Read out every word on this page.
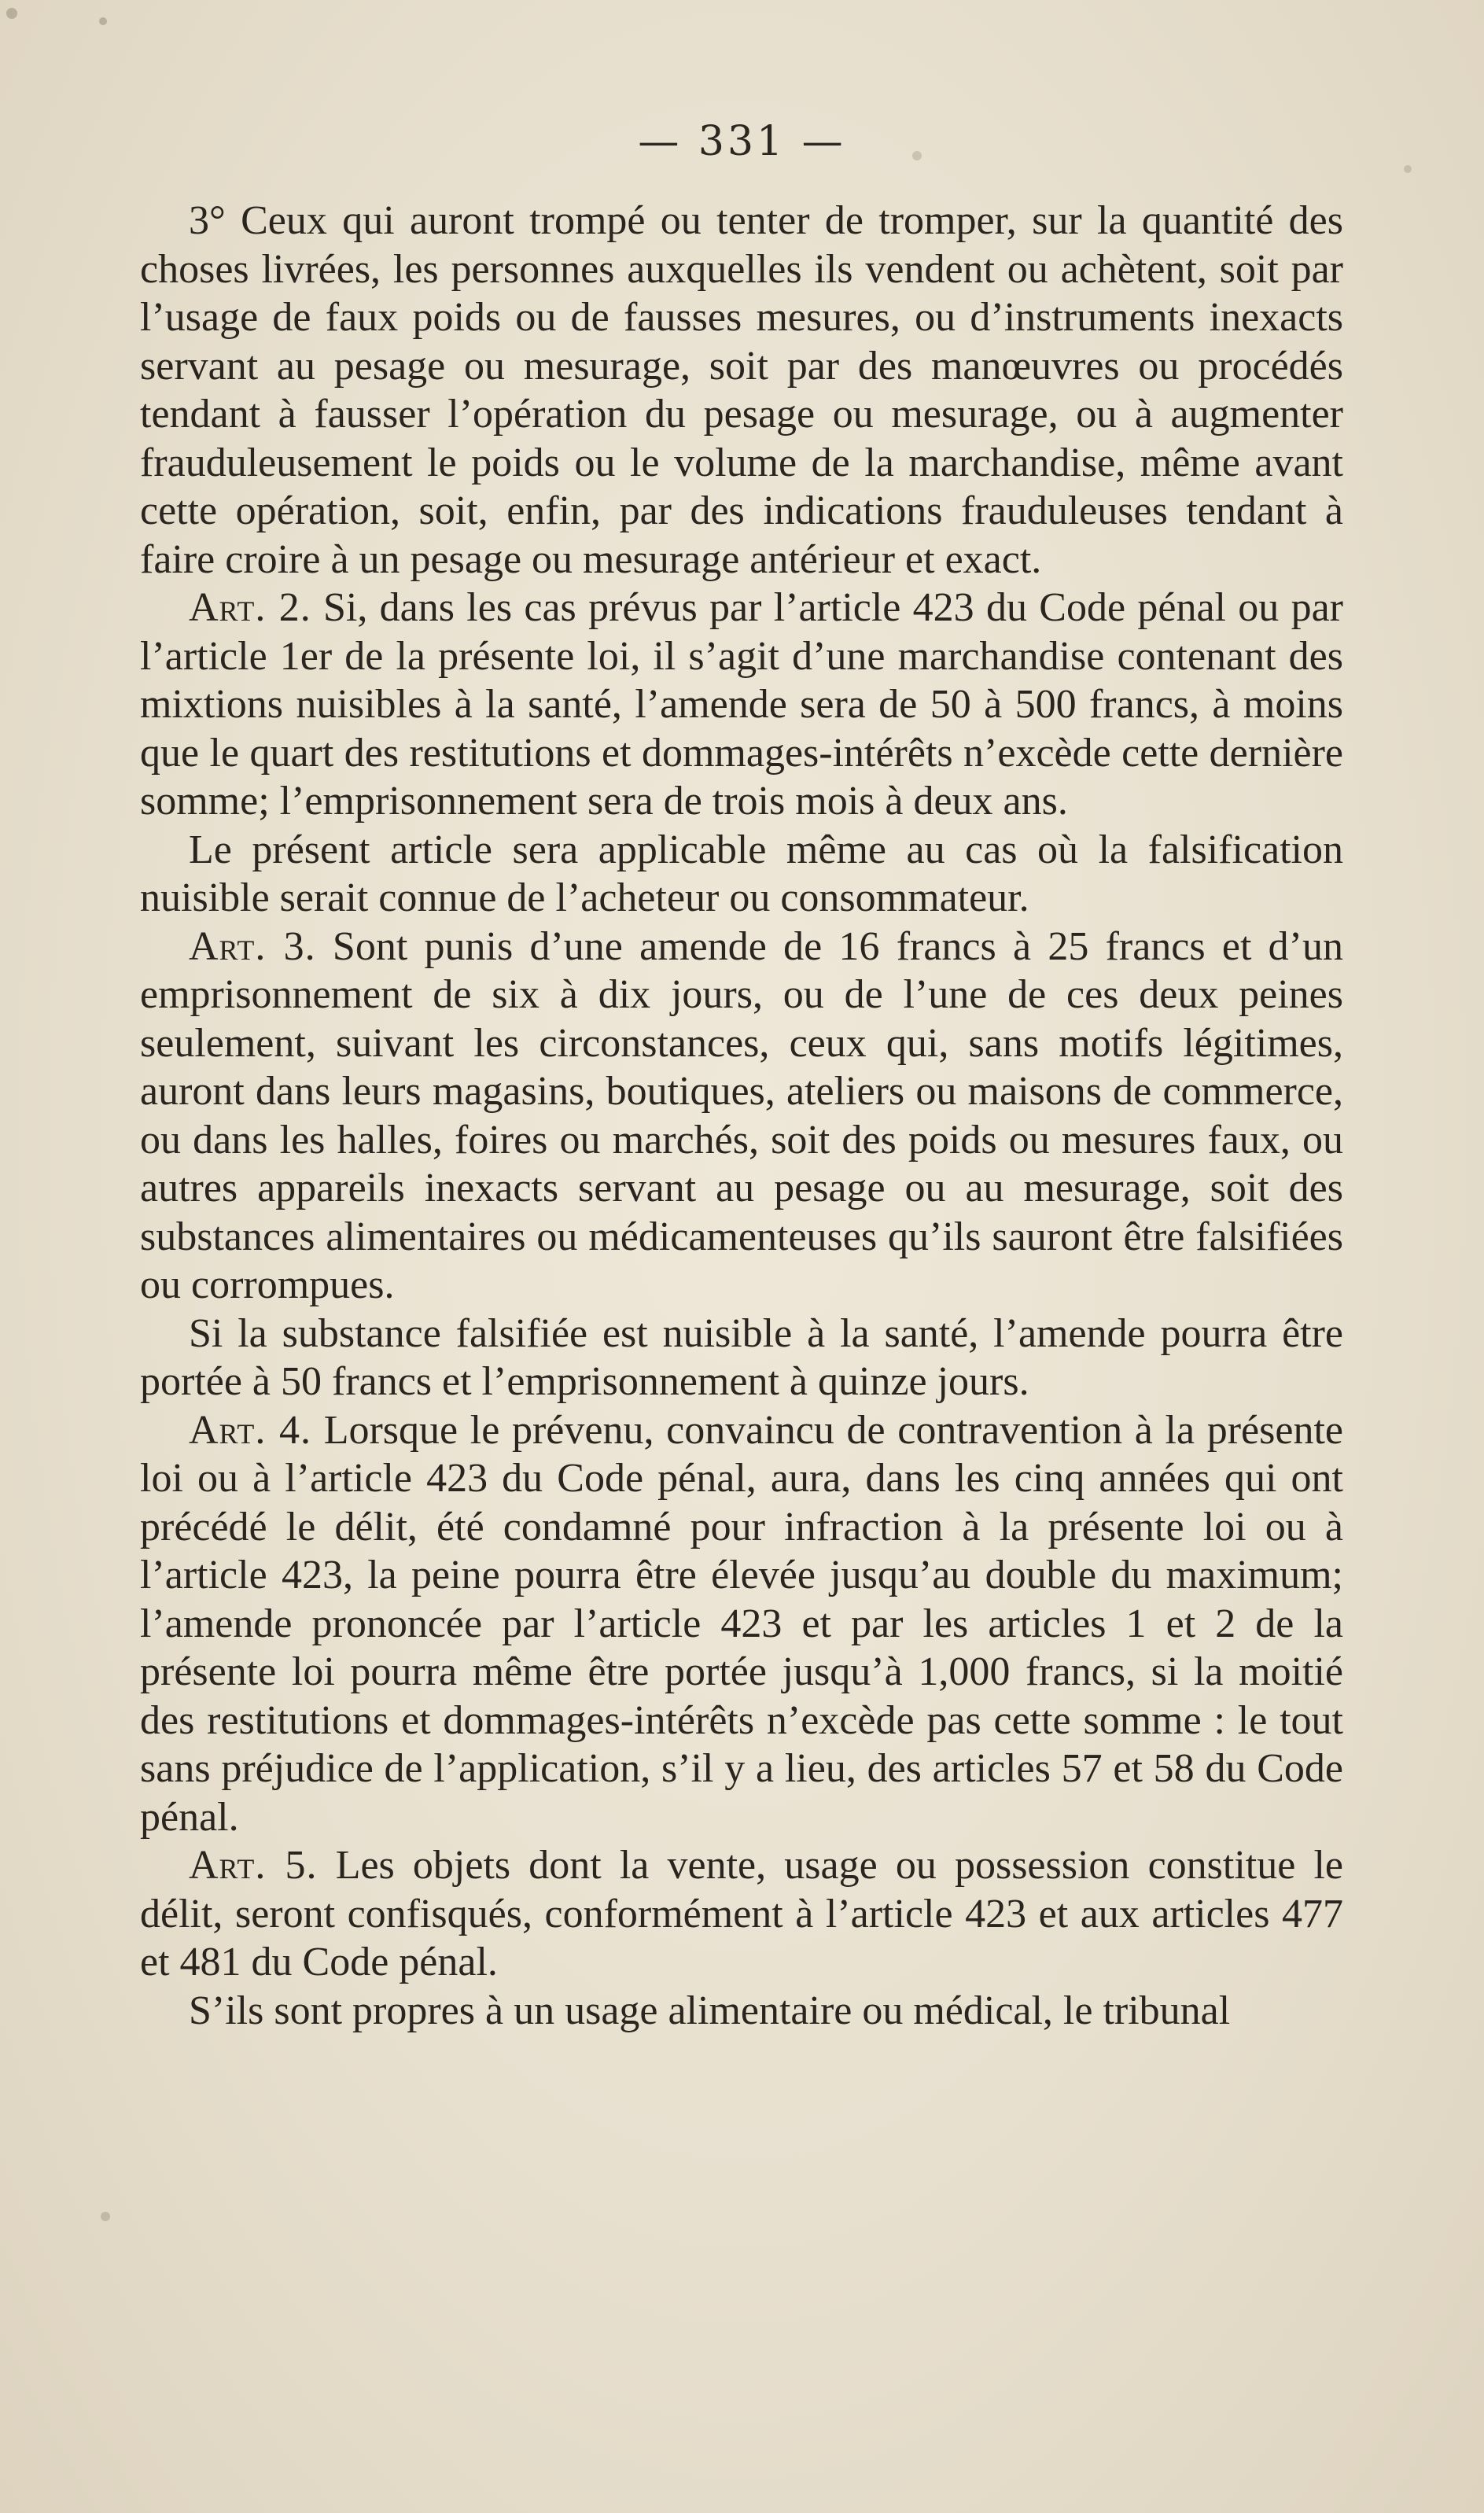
— 331 —

3° Ceux qui auront trompé ou tenter de tromper, sur la quantité des choses livrées, les personnes auxquelles ils vendent ou achètent, soit par l’usage de faux poids ou de fausses mesures, ou d’instruments inexacts servant au pesage ou mesurage, soit par des manœuvres ou procédés tendant à fausser l’opération du pesage ou mesurage, ou à augmenter frauduleusement le poids ou le volume de la marchandise, même avant cette opération, soit, enfin, par des indications frauduleuses tendant à faire croire à un pesage ou mesurage antérieur et exact.

Art. 2. Si, dans les cas prévus par l’article 423 du Code pénal ou par l’article 1er de la présente loi, il s’agit d’une marchandise contenant des mixtions nuisibles à la santé, l’amende sera de 50 à 500 francs, à moins que le quart des restitutions et dommages-intérêts n’excède cette dernière somme; l’emprisonnement sera de trois mois à deux ans.

Le présent article sera applicable même au cas où la falsification nuisible serait connue de l’acheteur ou consommateur.

Art. 3. Sont punis d’une amende de 16 francs à 25 francs et d’un emprisonnement de six à dix jours, ou de l’une de ces deux peines seulement, suivant les circonstances, ceux qui, sans motifs légitimes, auront dans leurs magasins, boutiques, ateliers ou maisons de commerce, ou dans les halles, foires ou marchés, soit des poids ou mesures faux, ou autres appareils inexacts servant au pesage ou au mesurage, soit des substances alimentaires ou médicamenteuses qu’ils sauront être falsifiées ou corrompues.

Si la substance falsifiée est nuisible à la santé, l’amende pourra être portée à 50 francs et l’emprisonnement à quinze jours.

Art. 4. Lorsque le prévenu, convaincu de contravention à la présente loi ou à l’article 423 du Code pénal, aura, dans les cinq années qui ont précédé le délit, été condamné pour infraction à la présente loi ou à l’article 423, la peine pourra être élevée jusqu’au double du maximum; l’amende prononcée par l’article 423 et par les articles 1 et 2 de la présente loi pourra même être portée jusqu’à 1,000 francs, si la moitié des restitutions et dommages-intérêts n’excède pas cette somme : le tout sans préjudice de l’application, s’il y a lieu, des articles 57 et 58 du Code pénal.

Art. 5. Les objets dont la vente, usage ou possession constitue le délit, seront confisqués, conformément à l’article 423 et aux articles 477 et 481 du Code pénal.

S’ils sont propres à un usage alimentaire ou médical, le tribunal
